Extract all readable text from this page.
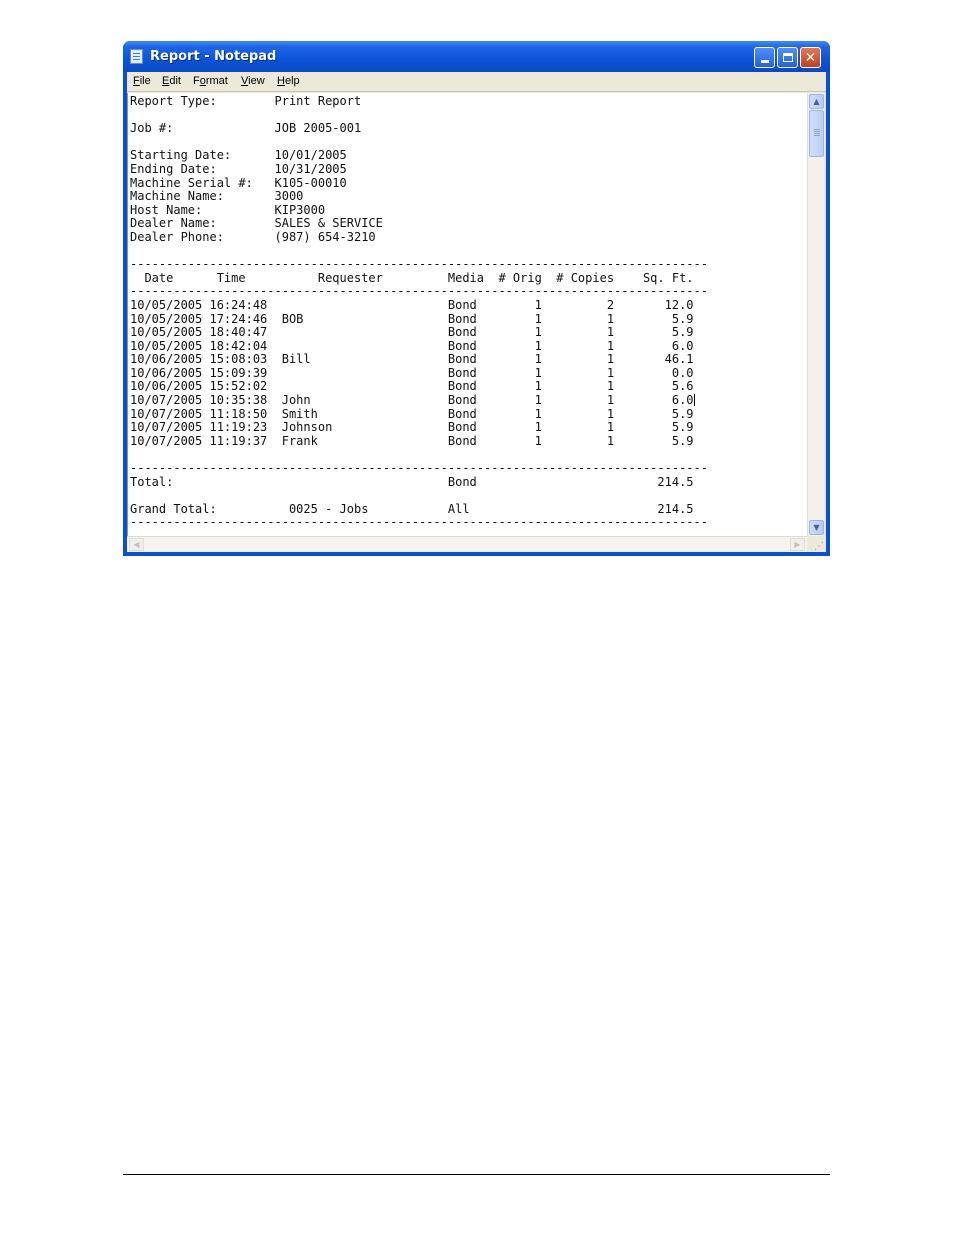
Report - Notepad	✕
File Edit Format View Help
Report Type:        Print Report
Job #:              JOB 2005-001
Starting Date:      10/01/2005
Ending Date:        10/31/2005
Machine Serial #:   K105-00010
Machine Name:       3000
Host Name:          KIP3000
Dealer Name:        SALES & SERVICE
Dealer Phone:       (987) 654-3210
--------------------------------------------------------------------------------
Date      Time          Requester         Media  # Orig  # Copies    Sq. Ft.
--------------------------------------------------------------------------------
10/05/2005 16:24:48                         Bond        1         2       12.0
10/05/2005 17:24:46  BOB                    Bond        1         1        5.9
10/05/2005 18:40:47                         Bond        1         1        5.9
10/05/2005 18:42:04                         Bond        1         1        6.0
10/06/2005 15:08:03  Bill                   Bond        1         1       46.1
10/06/2005 15:09:39                         Bond        1         1        0.0
10/06/2005 15:52:02                         Bond        1         1        5.6
10/07/2005 10:35:38  John                   Bond        1         1        6.0
10/07/2005 11:18:50  Smith                  Bond        1         1        5.9
10/07/2005 11:19:23  Johnson                Bond        1         1        5.9
10/07/2005 11:19:37  Frank                  Bond        1         1        5.9
--------------------------------------------------------------------------------
Total:                                      Bond                         214.5
Grand Total:          0025 - Jobs           All                          214.5
--------------------------------------------------------------------------------
▲
▼
◀	▶
⋰
